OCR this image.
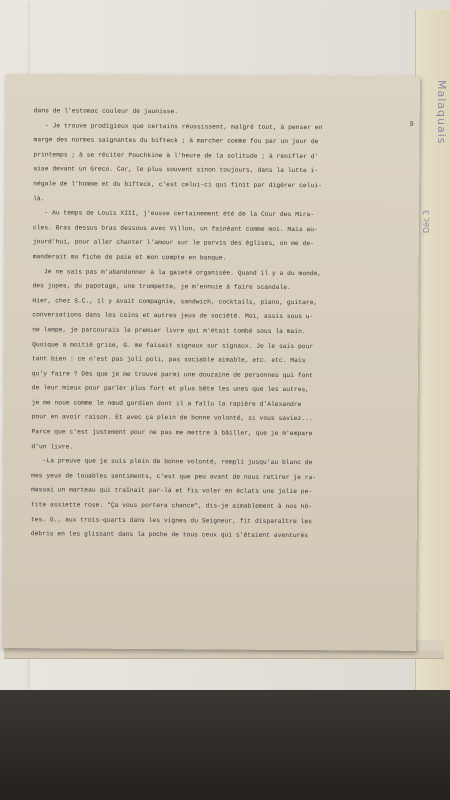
Malaquais
Déc 3
9
dans de l'estomac couleur de jaunisse.
- Je trouve prodigieux que certains réussissent, malgré tout, à penser en
marge des normes saignantes du bifteck ; à marcher comme fou par un jour de
printemps ; à se réciter Pouchkine à l'heure de la solitude ; à renifler d'
aise devant un Greco. Car, le plus souvent sinon toujours, dans la lutte i-
négale de l'homme et du bifteck, c'est celui-ci qui finit par digérer celui-
là.
- Au temps de Louis XIII, j'eusse certainement été de la Cour des Mira-
cles. Bras dessus bras dessous avec Villon, un fainéant comme moi. Mais au-
jourd'hui, pour aller chanter l'amour sur le parvis des églises, on me de-
manderait ma fiche de paie et mon compte en banque.
Je ne sais pas m'abandonner à la gaieté organisée. Quand il y a du monde,
des jupes, du papotage, une trompette, je m'ennuie à faire scandale.
Hier, chez S.C., il y avait compagnie, sandwich, cocktails, piano, guitare,
conversations dans les coins et autres jeux de société. Moi, assis sous u-
ne lampe, je parcourais le premier livre qui m'était tombé sous la main.
Quoique à moitié grise, G. me faisait signaux sur signaux. Je le sais pour
tant bien : ce n'est pas joli poli, pas sociable aimable, etc. etc. Mais
qu'y faire ? Dès que je me trouve parmi une douzaine de personnes qui font
de leur mieux pour parler plus fort et plus bête les unes que les autres,
je me noue comme le nœud gordien dont il a fallu la rapière d'Alexandre
pour en avoir raison. Et avec ça plein de bonne volonté, si vous saviez...
Parce que c'est justement pour ne pas me mettre à bâiller, que je m'empare
d'un livre.
-La preuve que je suis plein de bonne volonté, rempli jusqu'au blanc de
mes yeux de louables sentiments, c'est que peu avant de nous retirer je ra-
massai un marteau qui traînait par-là et fis voler en éclats une jolie pe-
tite assiette rose. "Ça vous portera chance", dis-je aimablement à nos hô-
tes. G., aux trois-quarts dans les vignes du Seigneur, fit disparaître les
débris en les glissant dans la poche de tous ceux qui s'étaient aventurés
